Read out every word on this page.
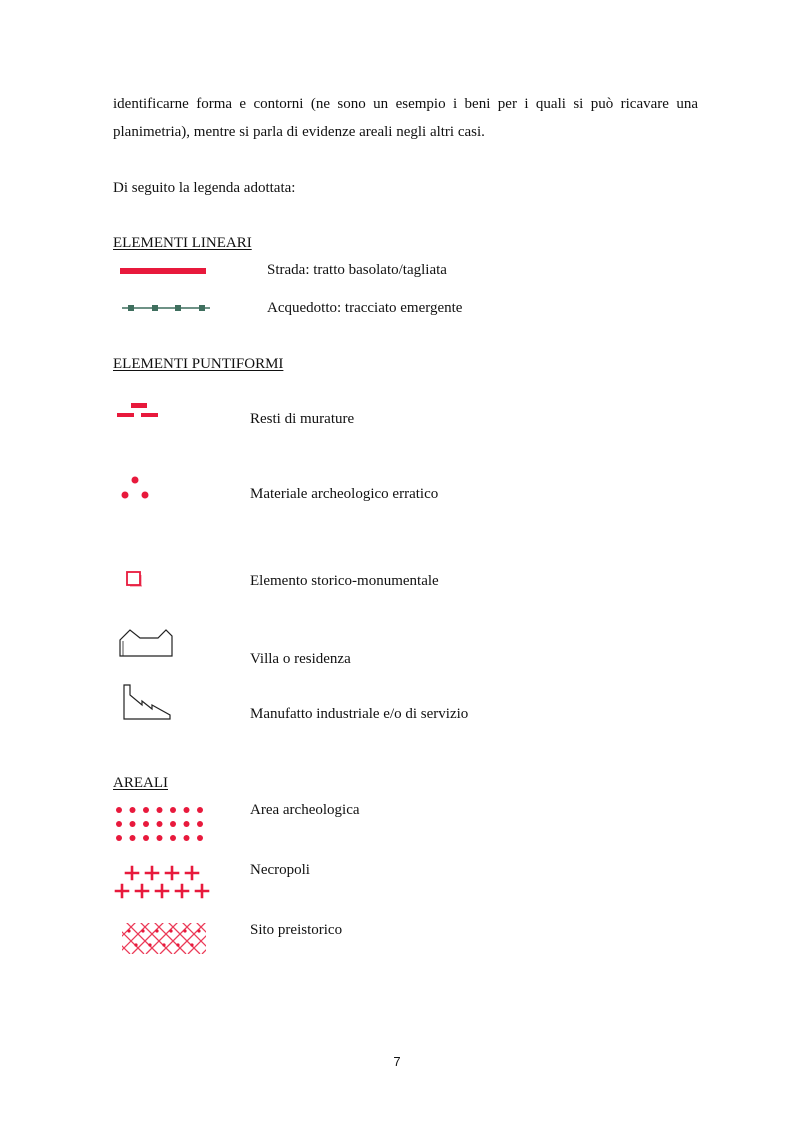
identificarne forma e contorni (ne sono un esempio i beni per i quali si può ricavare una
planimetria), mentre si parla di evidenze areali negli altri casi.
Di seguito la legenda adottata:
ELEMENTI LINEARI
Strada: tratto basolato/tagliata
Acquedotto: tracciato emergente
ELEMENTI PUNTIFORMI
Resti di murature
Materiale archeologico erratico
Elemento storico-monumentale
Villa o residenza
Manufatto industriale e/o di servizio
AREALI
Area archeologica
Necropoli
Sito preistorico
7
